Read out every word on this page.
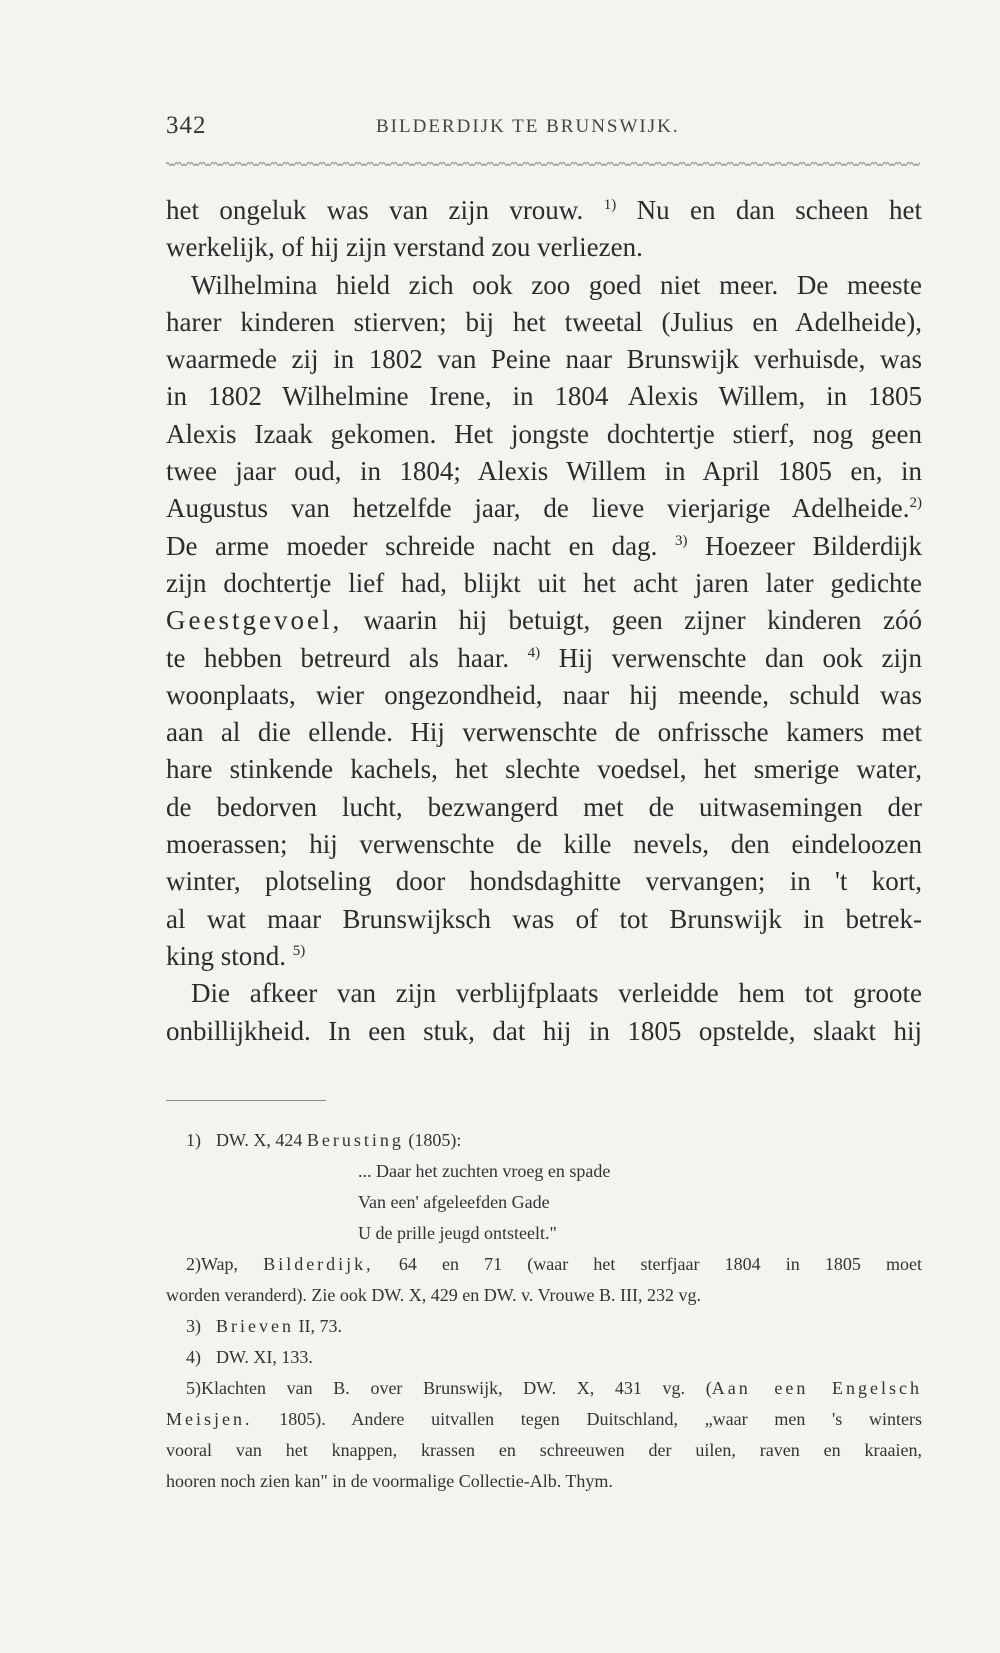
342	BILDERDIJK TE BRUNSWIJK.
het ongeluk was van zijn vrouw. $^{1)}$ Nu en dan scheen het
werkelijk, of hij zijn verstand zou verliezen.
Wilhelmina hield zich ook zoo goed niet meer. De meeste
harer kinderen stierven; bij het tweetal (Julius en Adelheide),
waarmede zij in 1802 van Peine naar Brunswijk verhuisde, was
in 1802 Wilhelmine Irene, in 1804 Alexis Willem, in 1805
Alexis Izaak gekomen. Het jongste dochtertje stierf, nog geen
twee jaar oud, in 1804; Alexis Willem in April 1805 en, in
Augustus van hetzelfde jaar, de lieve vierjarige Adelheide.$^{2)}$
De arme moeder schreide nacht en dag. $^{3)}$ Hoezeer Bilderdijk
zijn dochtertje lief had, blijkt uit het acht jaren later gedichte
Geestgevoel, waarin hij betuigt, geen zijner kinderen zóó
te hebben betreurd als haar. $^{4)}$ Hij verwenschte dan ook zijn
woonplaats, wier ongezondheid, naar hij meende, schuld was
aan al die ellende. Hij verwenschte de onfrissche kamers met
hare stinkende kachels, het slechte voedsel, het smerige water,
de bedorven lucht, bezwangerd met de uitwasemingen der
moerassen; hij verwenschte de kille nevels, den eindeloozen
winter, plotseling door hondsdaghitte vervangen; in 't kort,
al wat maar Brunswijksch was of tot Brunswijk in betrek-
king stond. $^{5)}$
Die afkeer van zijn verblijfplaats verleidde hem tot groote
onbillijkheid. In een stuk, dat hij in 1805 opstelde, slaakt hij
1) DW. X, 424 Berusting (1805):
... Daar het zuchten vroeg en spade
Van een' afgeleefden Gade
U de prille jeugd ontsteelt."
2)Wap, Bilderdijk, 64 en 71 (waar het sterfjaar 1804 in 1805 moet
worden veranderd). Zie ook DW. X, 429 en DW. v. Vrouwe B. III, 232 vg.
3) Brieven II, 73.
4) DW. XI, 133.
5)Klachten van B. over Brunswijk, DW. X, 431 vg. (Aan een Engelsch
Meisjen. 1805). Andere uitvallen tegen Duitschland, „waar men 's winters
vooral van het knappen, krassen en schreeuwen der uilen, raven en kraaien,
hooren noch zien kan" in de voormalige Collectie-Alb. Thym.
